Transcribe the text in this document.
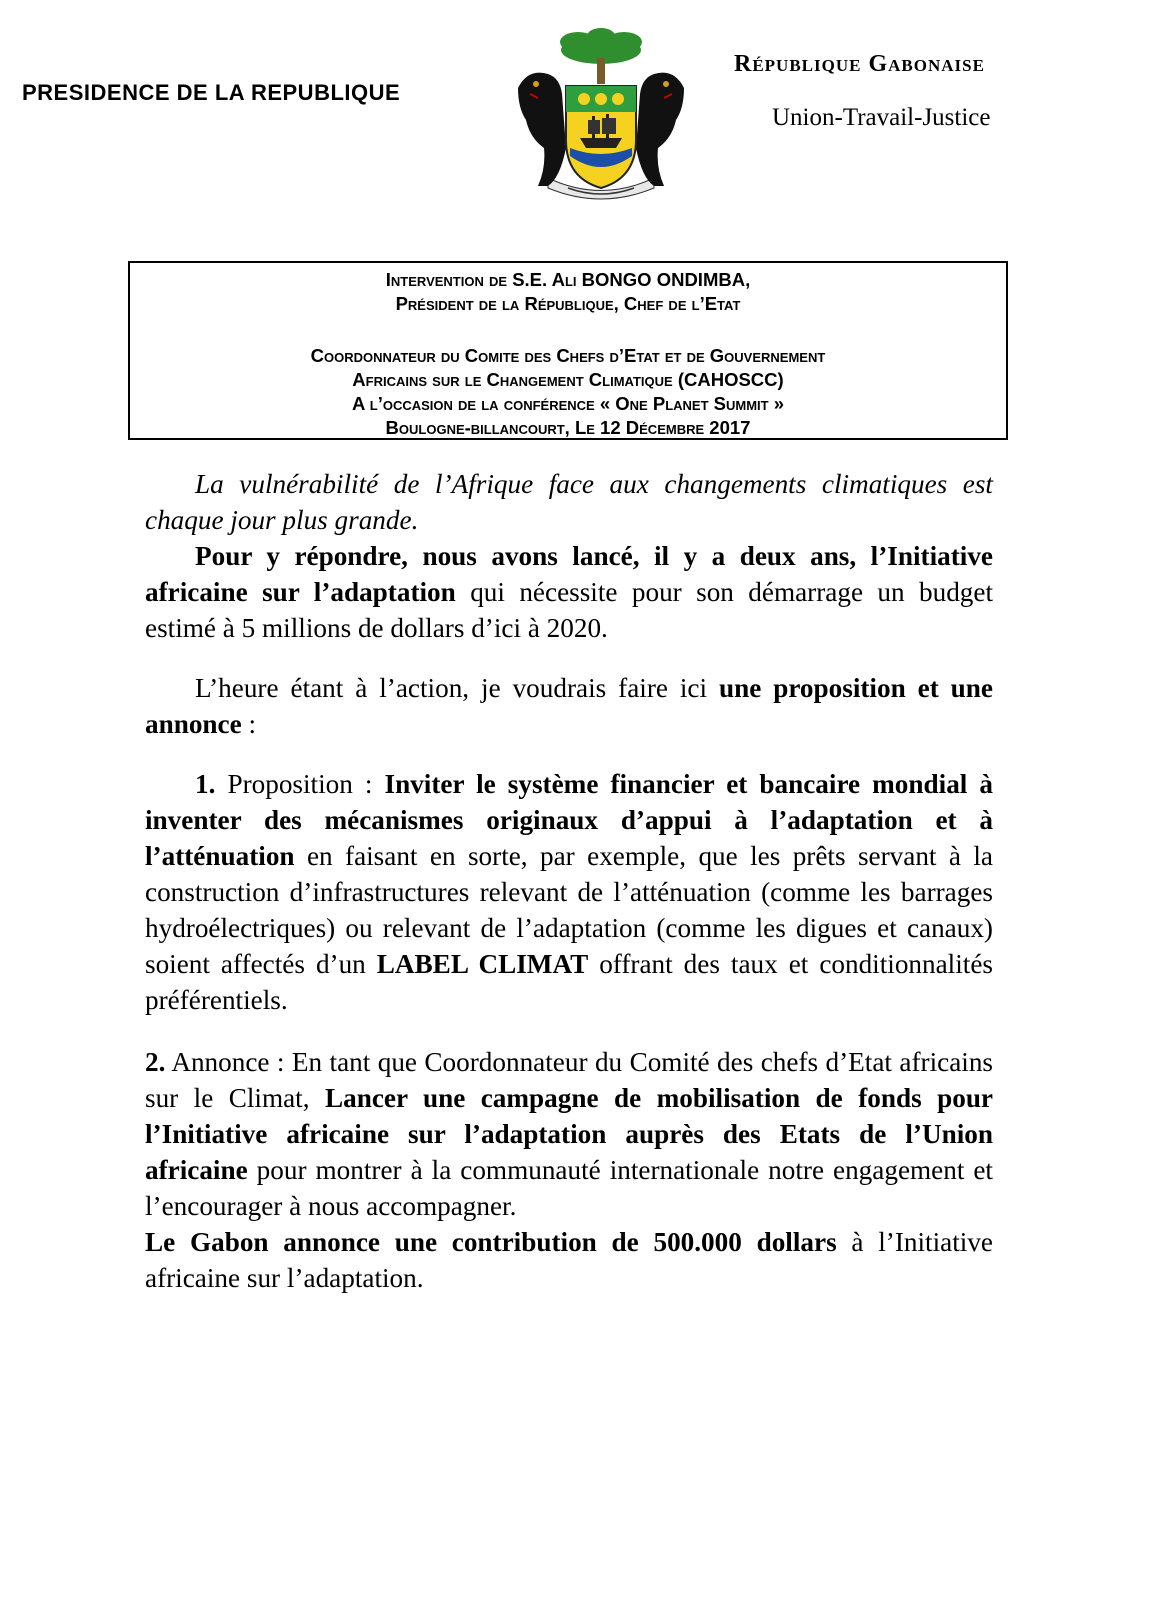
PRESIDENCE DE LA REPUBLIQUE
République Gabonaise
Union-Travail-Justice
Intervention de S.E. Ali BONGO ONDIMBA,
Président de la République, Chef de l’Etat
Coordonnateur du Comite des Chefs d’Etat et de Gouvernement
Africains sur le Changement Climatique (CAHOSCC)
A l’occasion de la conférence « One Planet Summit »
Boulogne-billancourt, Le 12 Décembre 2017

La vulnérabilité de l’Afrique face aux changements climatiques est chaque jour plus grande.

Pour y répondre, nous avons lancé, il y a deux ans, l’Initiative africaine sur l’adaptation qui nécessite pour son démarrage un budget estimé à 5 millions de dollars d’ici à 2020.

L’heure étant à l’action, je voudrais faire ici une proposition et une annonce :

1. Proposition : Inviter le système financier et bancaire mondial à inventer des mécanismes originaux d’appui à l’adaptation et à l’atténuation en faisant en sorte, par exemple, que les prêts servant à la construction d’infrastructures relevant de l’atténuation (comme les barrages hydroélectriques) ou relevant de l’adaptation (comme les digues et canaux) soient affectés d’un LABEL CLIMAT offrant des taux et conditionnalités préférentiels.

2. Annonce : En tant que Coordonnateur du Comité des chefs d’Etat africains sur le Climat, Lancer une campagne de mobilisation de fonds pour l’Initiative africaine sur l’adaptation auprès des Etats de l’Union africaine pour montrer à la communauté internationale notre engagement et l’encourager à nous accompagner.

Le Gabon annonce une contribution de 500.000 dollars à l’Initiative africaine sur l’adaptation.
